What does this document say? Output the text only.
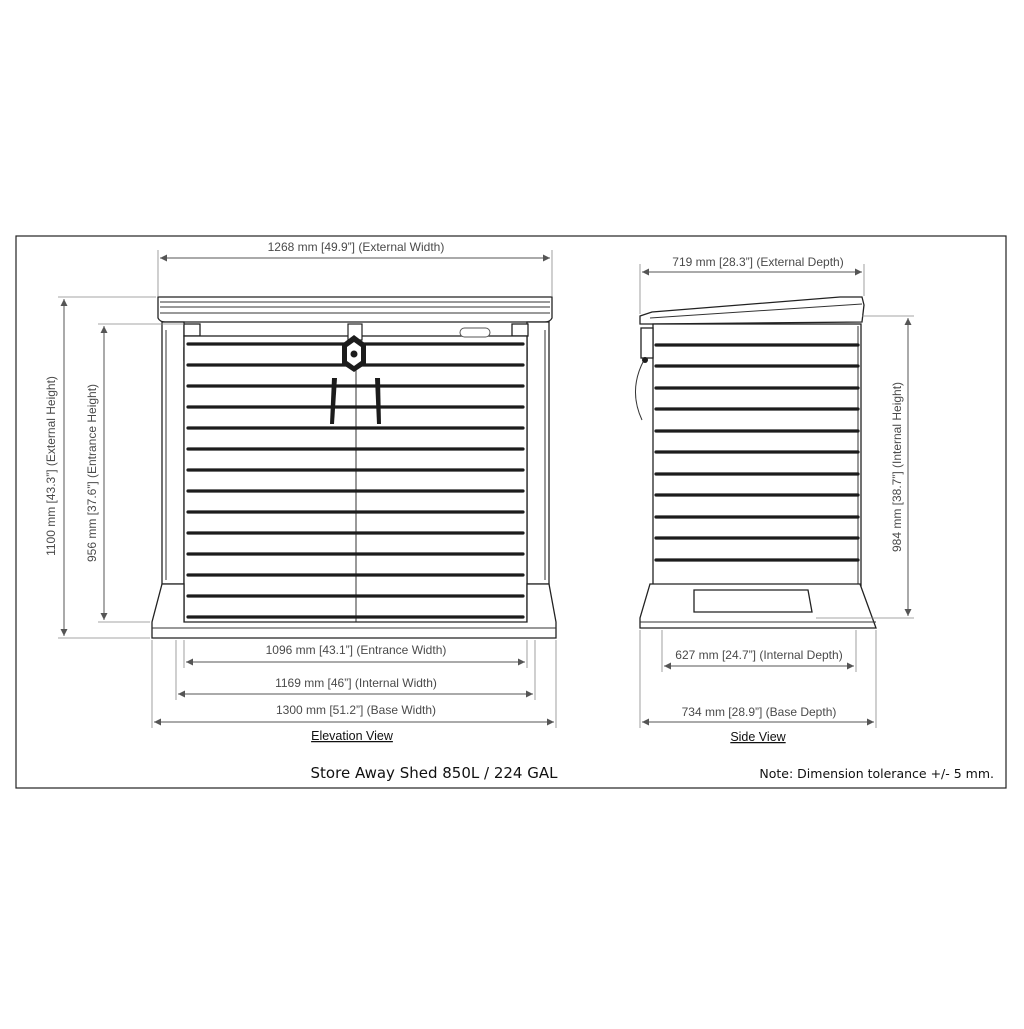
1268 mm [49.9”] (External Width)
1100 mm [43.3”] (External Height) 956 mm [37.6”] (Entrance Height)
1096 mm [43.1”] (Entrance Width)
1169 mm [46”] (Internal Width)
1300 mm [51.2”] (Base Width)
Elevation View
719 mm [28.3”] (External Depth)
984 mm [38.7”] (Internal Height)
627 mm [24.7”] (Internal Depth)
734 mm [28.9”] (Base Depth)
Side View
Store Away Shed 850L / 224 GAL	Note: Dimension tolerance +/- 5 mm.
